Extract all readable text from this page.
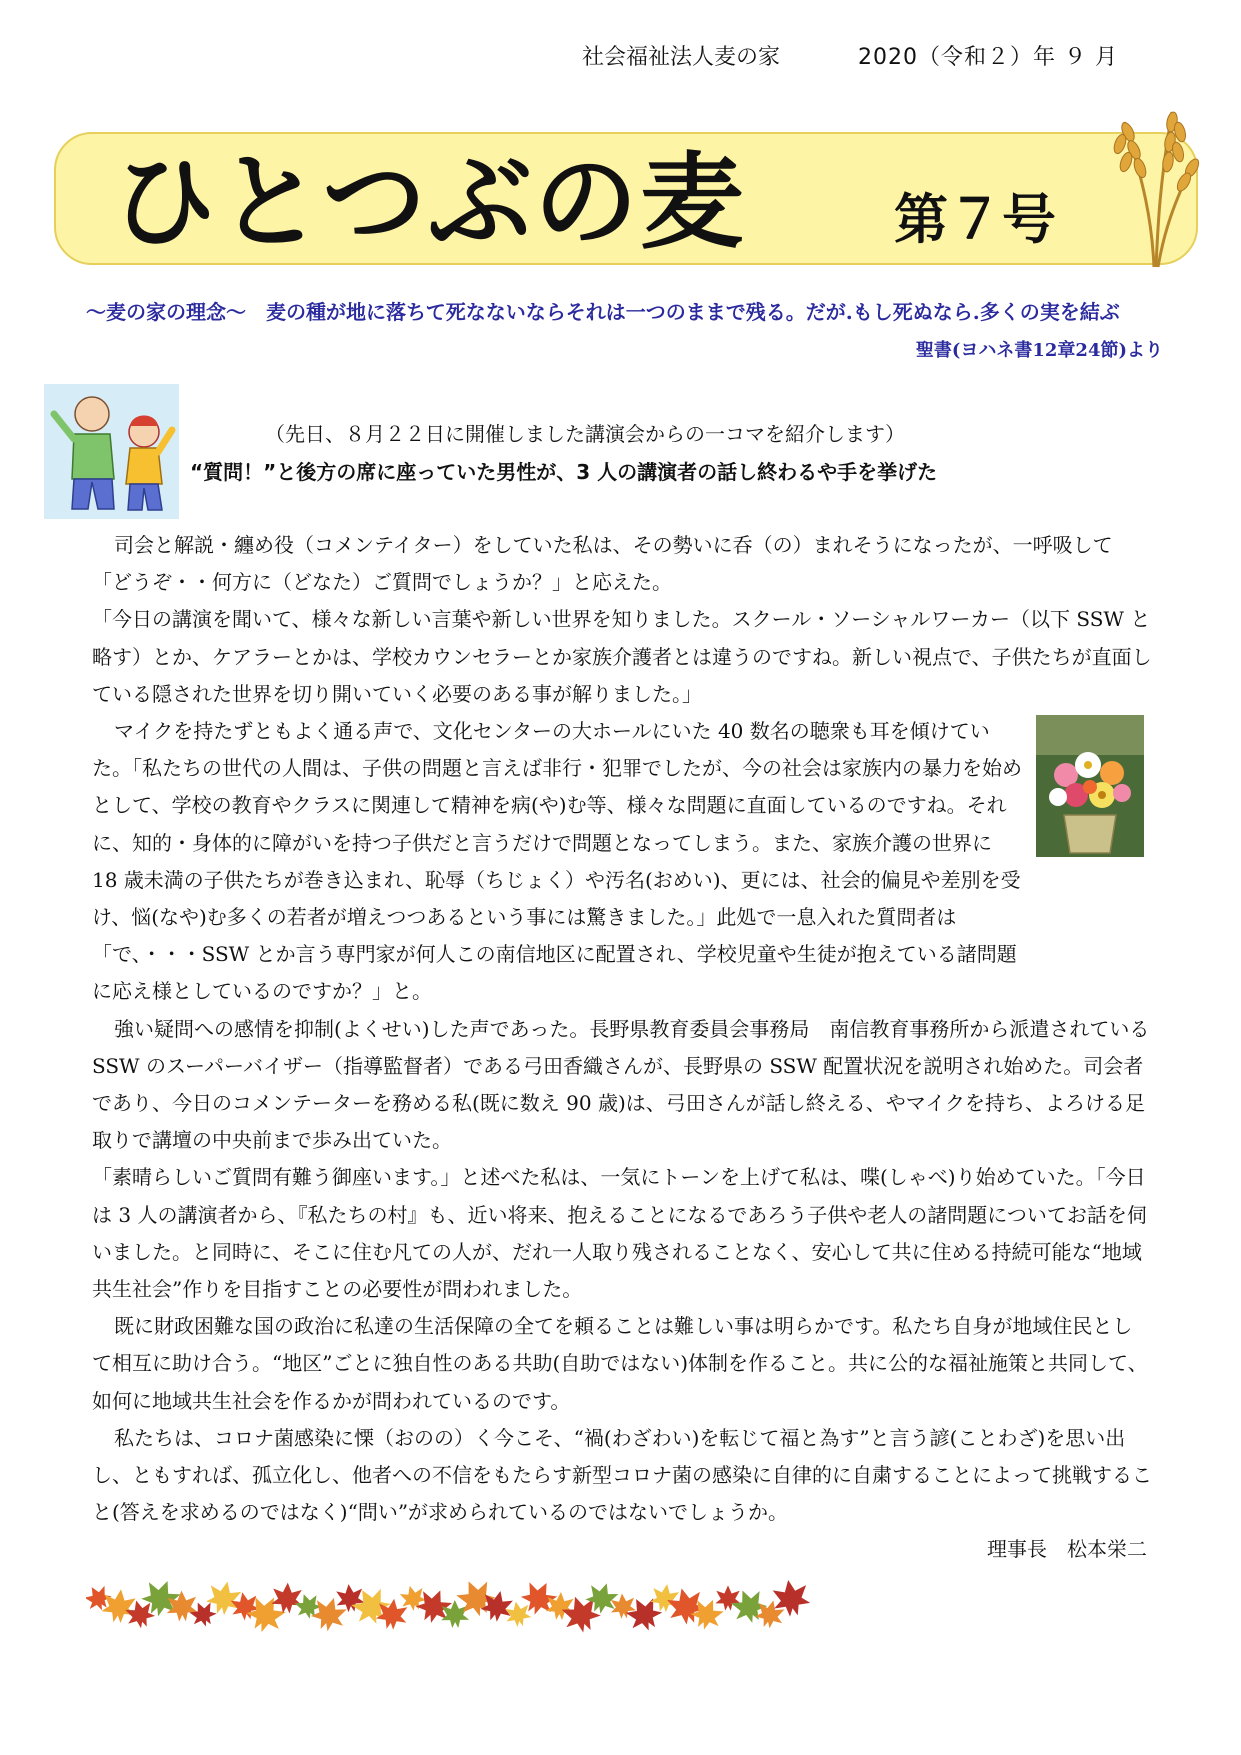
社会福祉法人麦の家	2020（令和２）年 ９ 月
ひとつぶの麦	第７号
～麦の家の理念～　麦の種が地に落ちて死なないならそれは一つのままで残る。だが.もし死ぬなら.多くの実を結ぶ
聖書(ヨハネ書12章24節)より
（先日、８月２２日に開催しました講演会からの一コマを紹介します）
“質問！”と後方の席に座っていた男性が、3 人の講演者の話し終わるや手を挙げた

司会と解説・纏め役（コメンテイター）をしていた私は、その勢いに呑（の）まれそうになったが、一呼吸して「どうぞ・・何方に（どなた）ご質問でしょうか？」と応えた。

「今日の講演を聞いて、様々な新しい言葉や新しい世界を知りました。スクール・ソーシャルワーカー（以下 SSW と略す）とか、ケアラーとかは、学校カウンセラーとか家族介護者とは違うのですね。新しい視点で、子供たちが直面している隠された世界を切り開いていく必要のある事が解りました。」

マイクを持たずともよく通る声で、文化センターの大ホールにいた 40 数名の聴衆も耳を傾けていた。「私たちの世代の人間は、子供の問題と言えば非行・犯罪でしたが、今の社会は家族内の暴力を始めとして、学校の教育やクラスに関連して精神を病(や)む等、様々な問題に直面しているのですね。それに、知的・身体的に障がいを持つ子供だと言うだけで問題となってしまう。また、家族介護の世界に 18 歳未満の子供たちが巻き込まれ、恥辱（ちじょく）や汚名(おめい)、更には、社会的偏見や差別を受け、悩(なや)む多くの若者が増えつつあるという事には驚きました。」此処で一息入れた質問者は「で、・・・SSW とか言う専門家が何人この南信地区に配置され、学校児童や生徒が抱えている諸問題に応え様としているのですか？」と。

強い疑問への感情を抑制(よくせい)した声であった。長野県教育委員会事務局　南信教育事務所から派遣されている SSW のスーパーバイザー（指導監督者）である弓田香織さんが、長野県の SSW 配置状況を説明され始めた。司会者であり、今日のコメンテーターを務める私(既に数え 90 歳)は、弓田さんが話し終える、やマイクを持ち、よろける足取りで講壇の中央前まで歩み出ていた。

「素晴らしいご質問有難う御座います。」と述べた私は、一気にトーンを上げて私は、喋(しゃべ)り始めていた。「今日は 3 人の講演者から、『私たちの村』も、近い将来、抱えることになるであろう子供や老人の諸問題についてお話を伺いました。と同時に、そこに住む凡ての人が、だれ一人取り残されることなく、安心して共に住める持続可能な“地域共生社会”作りを目指すことの必要性が問われました。

既に財政困難な国の政治に私達の生活保障の全てを頼ることは難しい事は明らかです。私たち自身が地域住民として相互に助け合う。“地区”ごとに独自性のある共助(自助ではない)体制を作ること。共に公的な福祉施策と共同して、如何に地域共生社会を作るかが問われているのです。

私たちは、コロナ菌感染に慄（おのの）く今こそ、“禍(わざわい)を転じて福と為す”と言う諺(ことわざ)を思い出し、ともすれば、孤立化し、他者への不信をもたらす新型コロナ菌の感染に自律的に自粛することによって挑戦すること(答えを求めるのではなく)“問い”が求められているのではないでしょうか。

理事長　松本栄二
